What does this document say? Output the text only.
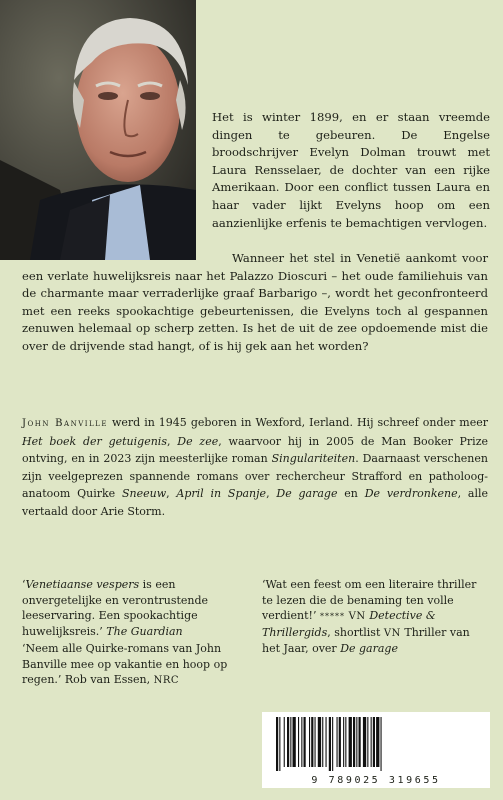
Het is winter 1899, en er staan vreemde dingen te gebeuren. De Engelse broodschrijver Evelyn Dolman trouwt met Laura Rensselaer, de dochter van een rijke Amerikaan. Door een conflict tussen Laura en haar vader lijkt Evelyns hoop om een aanzienlijke erfenis te bemachtigen vervlogen.

Wanneer het stel in Venetië aankomt voor een verlate huwelijksreis naar het Palazzo Dioscuri – het oude familiehuis van de charmante maar verraderlijke graaf Barbarigo –, wordt het geconfronteerd met een reeks spookachtige gebeurtenissen, die Evelyns toch al gespannen zenuwen helemaal op scherp zetten. Is het de uit de zee opdoemende mist die over de drijvende stad hangt, of is hij gek aan het worden?

John Banville werd in 1945 geboren in Wexford, Ierland. Hij schreef onder meer Het boek der getuigenis, De zee, waarvoor hij in 2005 de Man Booker Prize ontving, en in 2023 zijn meesterlijke roman Singulariteiten. Daarnaast verschenen zijn veelgeprezen spannende romans over rechercheur Strafford en patholoog-anatoom Quirke Sneeuw, April in Spanje, De garage en De verdronkene, alle vertaald door Arie Storm.
‘Venetiaanse vespers is een onvergetelijke en verontrustende leeservaring. Een spookachtige huwelijksreis.’ The Guardian
‘Neem alle Quirke-romans van John Banville mee op vakantie en hoop op regen.’ Rob van Essen, NRC
‘Wat een feest om een literaire thriller te lezen die de benaming ten volle verdient!’ ***** VN Detective & Thrillergids, shortlist VN Thriller van het Jaar, over De garage
9 789025 319655
